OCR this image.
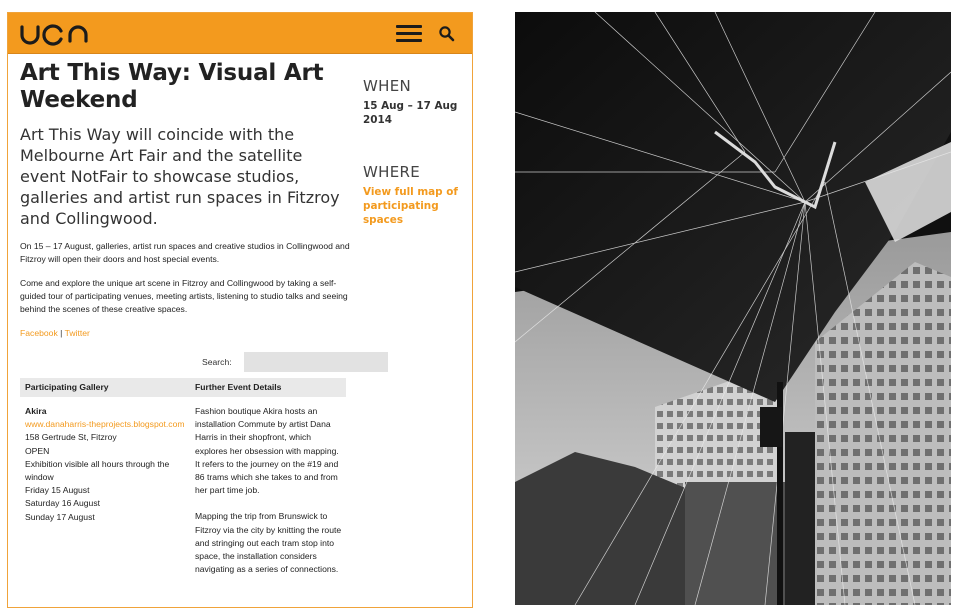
Art This Way: Visual Art Weekend

Art This Way will coincide with the Melbourne Art Fair and the satellite event NotFair to showcase studios, galleries and artist run spaces in Fitzroy and Collingwood.

On 15 – 17 August, galleries, artist run spaces and creative studios in Collingwood and Fitzroy will open their doors and host special events.

Come and explore the unique art scene in Fitzroy and Collingwood by taking a self-guided tour of participating venues, meeting artists, listening to studio talks and seeing behind the scenes of these creative spaces.

Facebook | Twitter
WHEN
15 Aug – 17 Aug 2014
WHERE
View full map of participating spaces
Search:
Participating Gallery	Further Event Details
Akira
www.danaharris-theprojects.blogspot.com
158 Gertrude St, Fitzroy
OPEN
Exhibition visible all hours through the window
Friday 15 August
Saturday 16 August
Sunday 17 August

Fashion boutique Akira hosts an installation Commute by artist Dana Harris in their shopfront, which explores her obsession with mapping. It refers to the journey on the #19 and 86 trams which she takes to and from her part time job.

Mapping the trip from Brunswick to Fitzroy via the city by knitting the route and stringing out each tram stop into space, the installation considers navigating as a series of connections.
